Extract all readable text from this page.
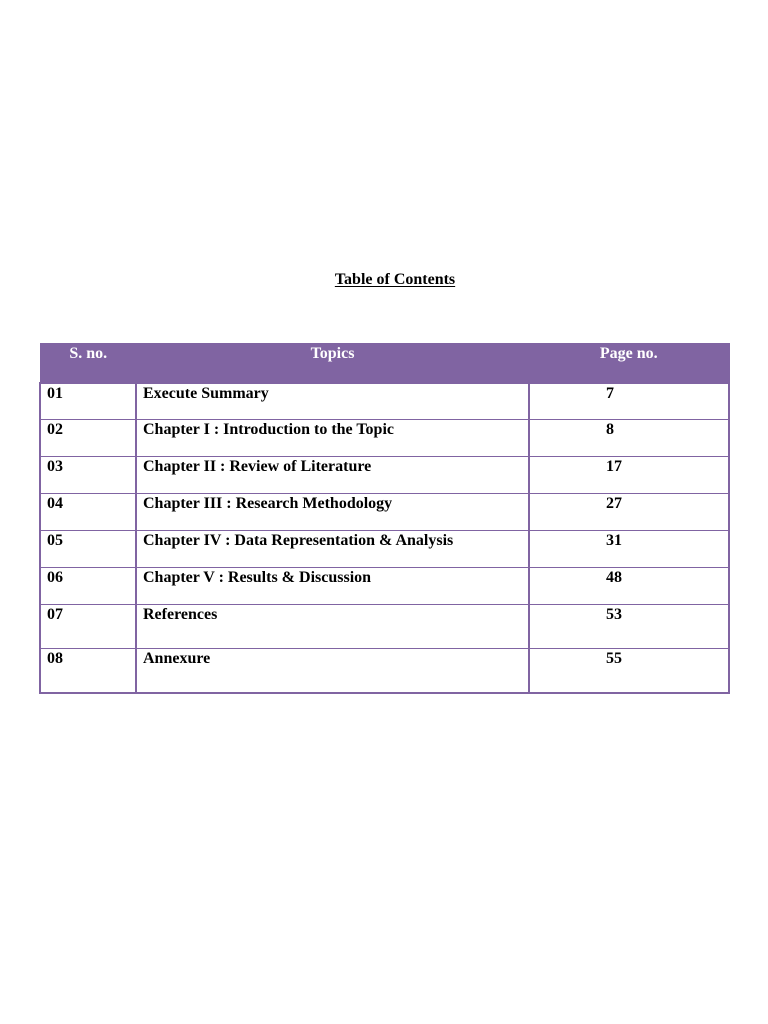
Table of Contents
S. no.	Topics	Page no.
01	Execute Summary	7
02	Chapter I : Introduction to the Topic	8
03	Chapter II : Review of Literature	17
04	Chapter III : Research Methodology	27
05	Chapter IV : Data Representation & Analysis	31
06	Chapter V : Results & Discussion	48
07	References	53
08	Annexure	55
